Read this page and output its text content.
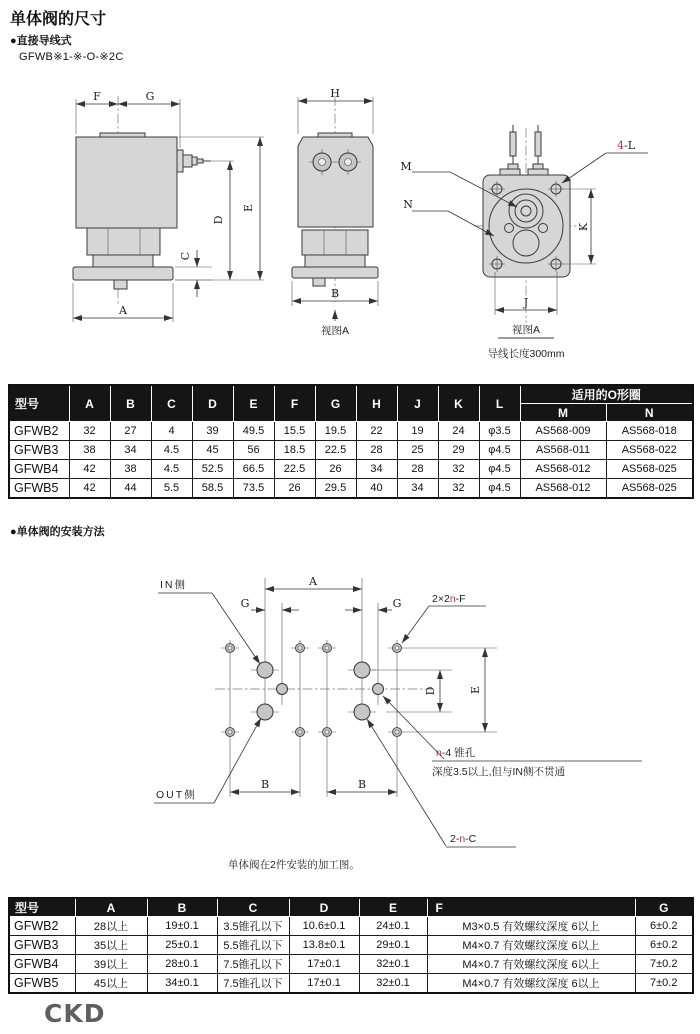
单体阀的尺寸
●直接导线式
GFWB※1-※-O-※2C
F	G
E
D
C
A
H
B
视图A
M
N
4-L
K
J
视图A
导线长度300mm
型号	A	B	C	D	E	F	G	H	J	K	L	适用的O形圈	
												M	N
GFWB2	32	27	4	39	49.5	15.5	19.5	22	19	24	φ3.5	AS568-009	AS568-018
GFWB3	38	34	4.5	45	56	18.5	22.5	28	25	29	φ4.5	AS568-011	AS568-022
GFWB4	42	38	4.5	52.5	66.5	22.5	26	34	28	32	φ4.5	AS568-012	AS568-025
GFWB5	42	44	5.5	58.5	73.5	26	29.5	40	34	32	φ4.5	AS568-012	AS568-025
●单体阀的安装方法
A
G	G
D	E
B	B
IN侧
OUT侧
2×2n-F
n-4 锥孔
深度3.5以上,但与IN侧不贯通
2-n-C
单体阀在2件安装的加工图。
型号	A	B	C	D	E	F	G
GFWB2	28以上	19±0.1	3.5锥孔以下	10.6±0.1	24±0.1	M3×0.5 有效螺纹深度 6以上	6±0.2
GFWB3	35以上	25±0.1	5.5锥孔以下	13.8±0.1	29±0.1	M4×0.7 有效螺纹深度 6以上	6±0.2
GFWB4	39以上	28±0.1	7.5锥孔以下	17±0.1	32±0.1	M4×0.7 有效螺纹深度 6以上	7±0.2
GFWB5	45以上	34±0.1	7.5锥孔以下	17±0.1	32±0.1	M4×0.7 有效螺纹深度 6以上	7±0.2
CKD
